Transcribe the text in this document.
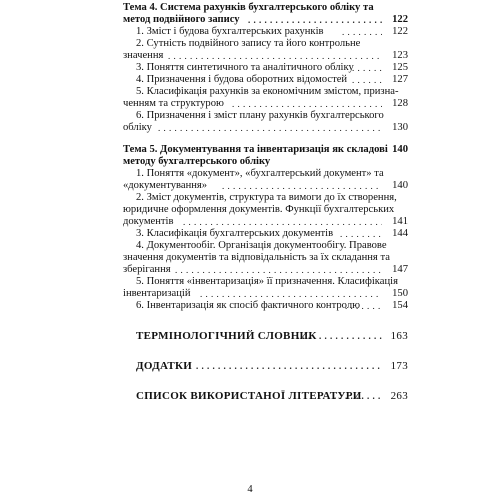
Тема 4. Система рахунків бухгалтерського обліку та
метод подвійного запису . . .	122
1. Зміст і будова бухгалтерських рахунків . . .	122
2. Сутність подвійного запису та його контрольне
значення . . .	123
3. Поняття синтетичного та аналітичного обліку . . .	125
4. Призначення і будова оборотних відомостей . . .	127
5. Класифікація рахунків за економічним змістом, призна-
ченням та структурою . . .	128
6. Призначення і зміст плану рахунків бухгалтерського
обліку . . .	130
Тема 5. Документування та інвентаризація як складові 140
методу бухгалтерського обліку
1. Поняття «документ», «бухгалтерський документ» та
«документування» . . .	140
2. Зміст документів, структура та вимоги до їх створення,
юридичне оформлення документів. Функції бухгалтерських
документів . . .	141
3. Класифікація бухгалтерських документів . . .	144
4. Документообіг. Організація документообігу. Правове
значення документів та відповідальність за їх складання та
зберігання . . .	147
5. Поняття «інвентаризація» її призначення. Класифікація
інвентаризацій . . .	150
6. Інвентаризація як спосіб фактичного контролю . . .	154
ТЕРМІНОЛОГІЧНИЙ СЛОВНИК . . .	163
ДОДАТКИ . . .	173
СПИСОК ВИКОРИСТАНОЇ ЛІТЕРАТУРИ . . .	263
4
